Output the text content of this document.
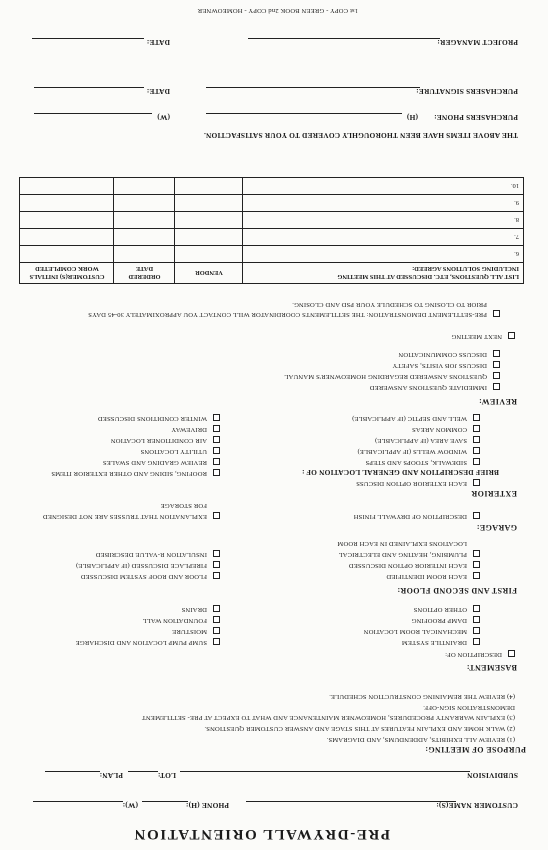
PRE-DRYWALL ORIENTATION
CUSTOMER NAME(S):
PHONE (H):
(W):
SUBDIVISION
LOT:
PLAN:
PURPOSE OF MEETING:
(1) REVIEW ALL EXHIBITS, ADDENDUMS, AND DIAGRAMS.
(2) WALK HOME AND EXPLAIN FEATURES AT THIS STAGE AND ANSWER CUSTOMER QUESTIONS.
(3) EXPLAIN WARRANTY PROCEDURES, HOMEOWNER MAINTENANCE AND WHAT TO EXPECT AT PRE- SETTLEMENT
DEMONSTRATION SIGN-OFF.
(4) REVIEW THE REMAINING CONSTRUCTION SCHEDULE.
BASEMENT:
DESCRIPTION OF:
DRAINTILE SYSTEM
MECHANICAL ROOM LOCATION
DAMP PROOFING
OTHER OPTIONS
SUMP PUMP LOCATION AND DISCHARGE
MOISTURE
FOUNDATION WALL
DRAINS
FIRST AND SECOND FLOOR:
EACH ROOM IDENTIFIED
EACH INTERIOR OPTION DISCUSSED
PLUMBING, HEATING AND ELECTRICAL
LOCATIONS EXPLAINED IN EACH ROOM
FLOOR AND ROOF SYSTEM DISCUSSED
FIREPLACE DISCUSSED (IF APPLICABLE)
INSULATION R-VALUE DESCRIBED
GARAGE:
DESCRIPTION OF DRYWALL FINISH
EXPLANATION THAT TRUSSES ARE NOT DESIGNED
FOR STORAGE
EXTERIOR
EACH EXTERIOR OPTION DISCUSS
BRIEF DESCRIPTION AND GENERAL LOCATION OF :
SIDEWALK, STOOPS AND STEPS
WINDOW WELLS (IF APPLICABLE)
SAVE AREA (IF APPLICABLE)
COMMON AREAS
WELL AND SEPTIC (IF APPLICABLE)
ROOFING, SIDING AND OTHER EXTERIOR ITEMS
REVIEW GRADING AND SWALES
UTILITY LOCATIONS
AIR CONDITIONER LOCATION
DRIVEWAY
WINTER CONDITIONS DISCUSSED
REVIEW:
IMMEDIATE QUESTIONS ANSWERED
QUESTIONS ANSWERED REGARDING HOMEOWNER'S MANUAL
DISCUSS JOB VISITS, SAFETY
DISCUSS COMMUNICATION
NEXT MEETING
PRE-SETTLEMENT DEMONSTRATION: THE SETTLEMENTS COORDINATOR WILL CONTACT YOU APPROXIMATELY 30-45 DAYS
PRIOR TO CLOSING TO SCHEDULE YOUR PSD AND CLOSING.
LIST ALL QUESTIONS, ETC. DISCUSSED AT THIS MEETING
INCLUDING SOLUTIONS AGREED:
VENDOR
ORDERED
DATE
CUSTOMER(S) INITIALS
WORK COMPLETED
6.
7.
8.
9.
10.
THE ABOVE ITEMS HAVE BEEN THOROUGHLY COVERED TO YOUR SATISFACTION.
PURCHASERS PHONE:
(H)
(W)
PURCHASERS SIGNATURE:
DATE:
PROJECT MANAGER:
DATE:
1st COPY - GREEN BOOK 2nd COPY - HOMEOWNER
